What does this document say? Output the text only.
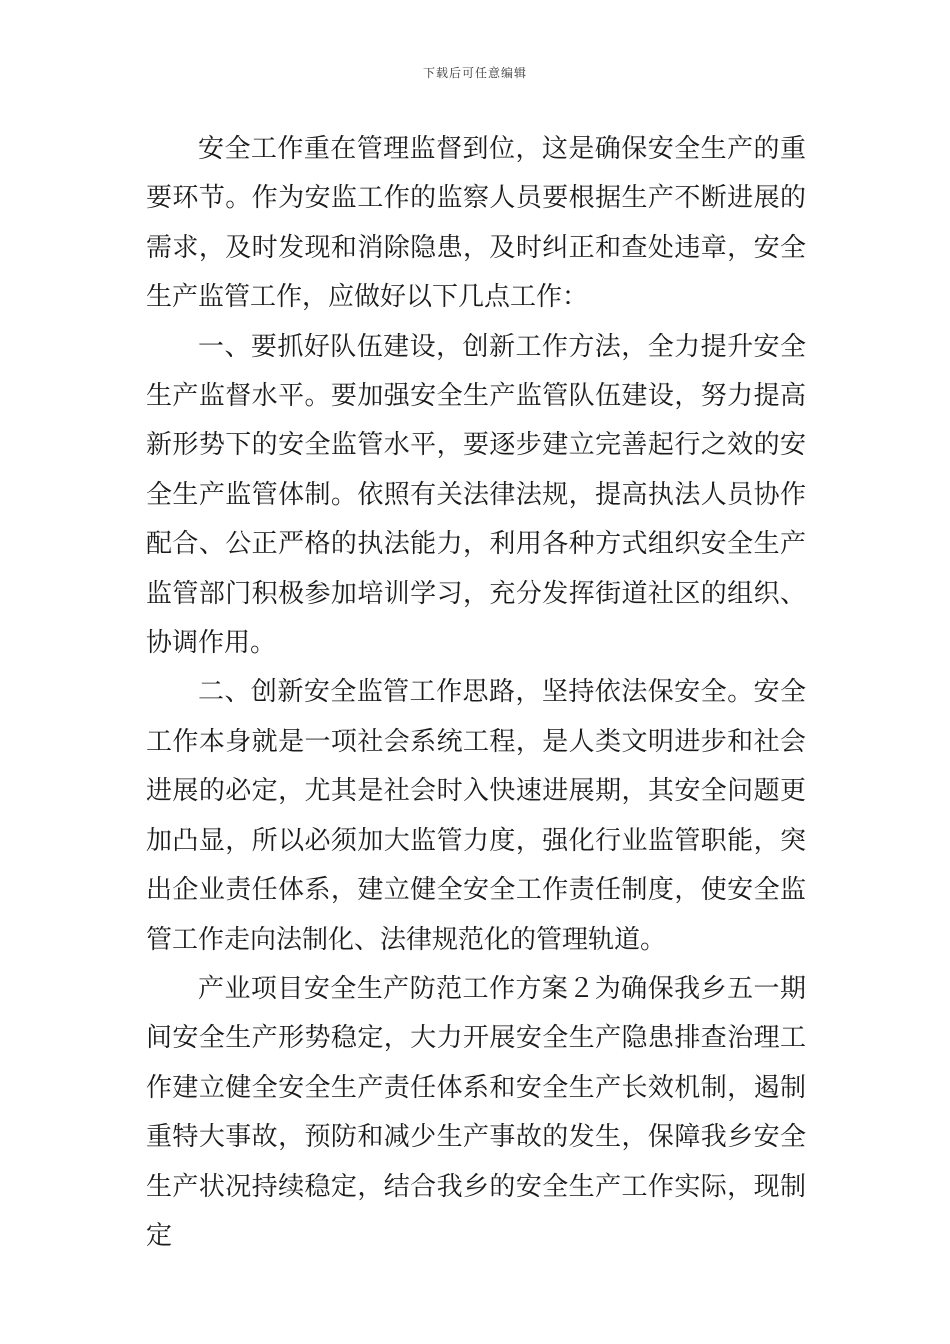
下载后可任意编辑

安全工作重在管理监督到位，这是确保安全生产的重要环节。作为安监工作的监察人员要根据生产不断进展的需求，及时发现和消除隐患，及时纠正和查处违章，安全生产监管工作，应做好以下几点工作：

一、要抓好队伍建设，创新工作方法，全力提升安全生产监督水平。要加强安全生产监管队伍建设，努力提高新形势下的安全监管水平，要逐步建立完善起行之效的安全生产监管体制。依照有关法律法规，提高执法人员协作配合、公正严格的执法能力，利用各种方式组织安全生产监管部门积极参加培训学习，充分发挥街道社区的组织、协调作用。

二、创新安全监管工作思路，坚持依法保安全。安全工作本身就是一项社会系统工程，是人类文明进步和社会进展的必定，尤其是社会时入快速进展期，其安全问题更加凸显，所以必须加大监管力度，强化行业监管职能，突出企业责任体系，建立健全安全工作责任制度，使安全监管工作走向法制化、法律规范化的管理轨道。

产业项目安全生产防范工作方案２为确保我乡五一期间安全生产形势稳定，大力开展安全生产隐患排查治理工作建立健全安全生产责任体系和安全生产长效机制，遏制重特大事故，预防和减少生产事故的发生，保障我乡安全生产状况持续稳定，结合我乡的安全生产工作实际，现制定
